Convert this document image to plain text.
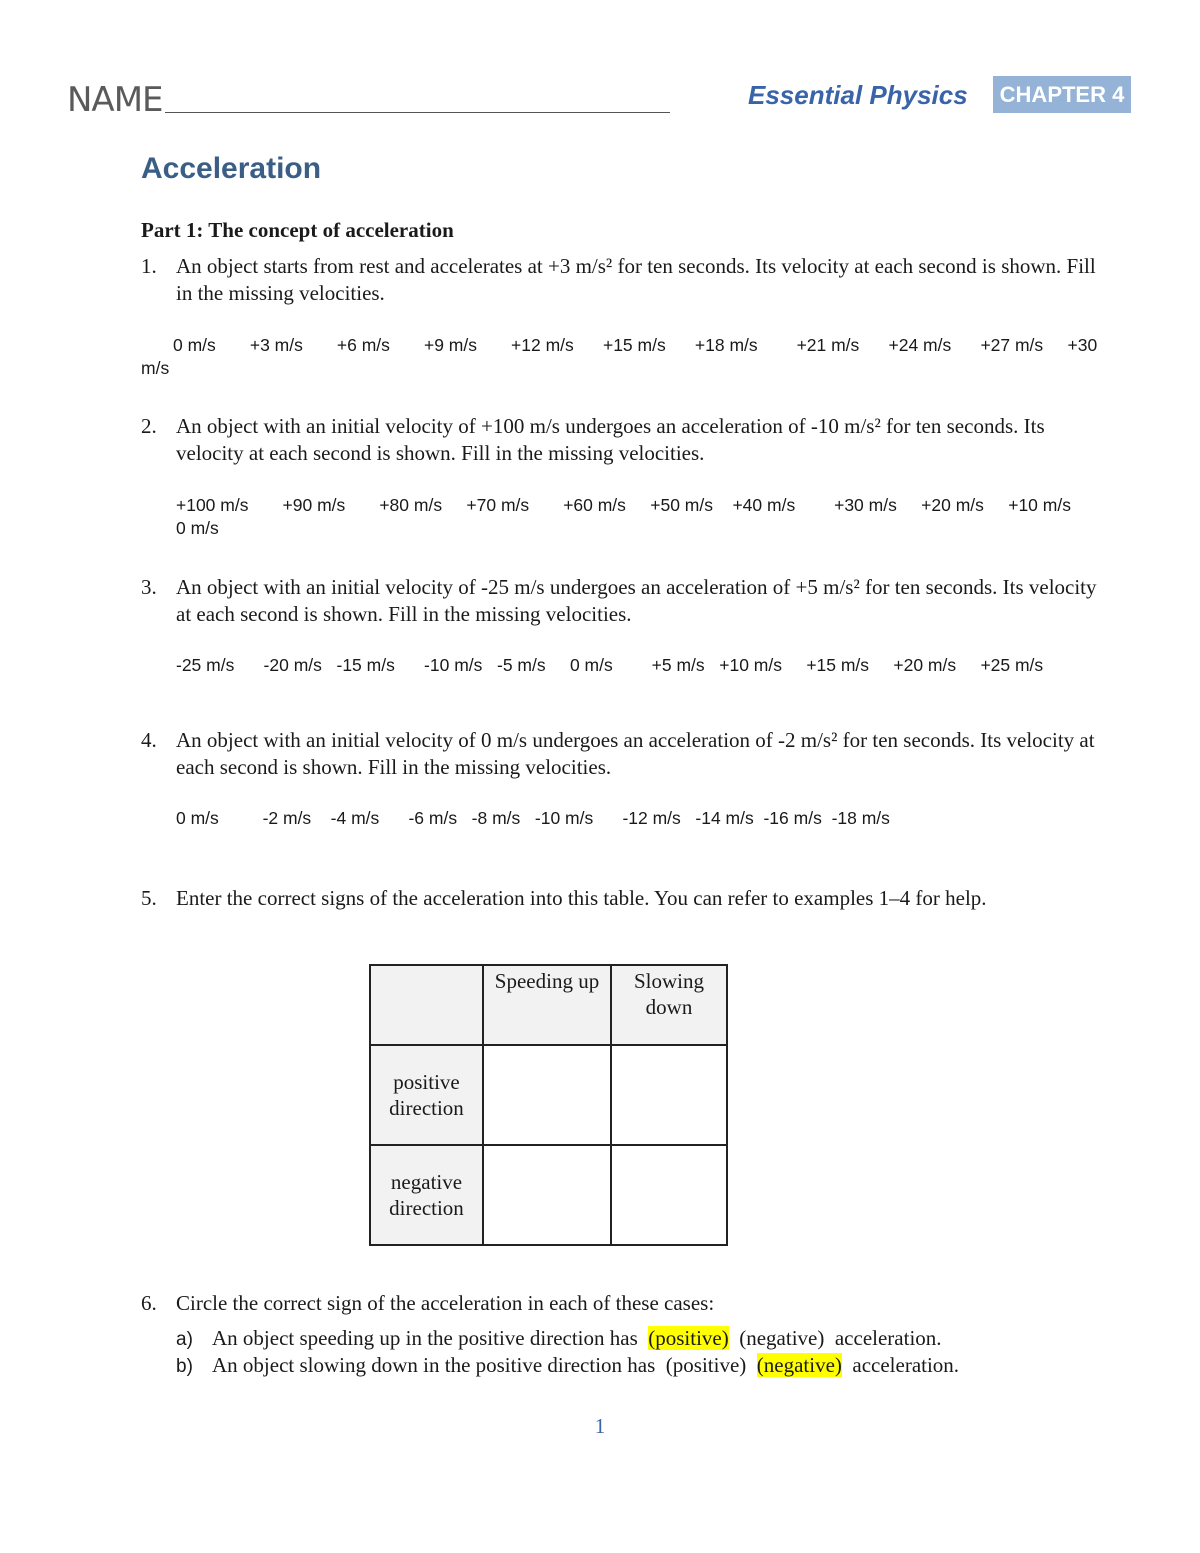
NAME	Essential Physics	CHAPTER 4
Acceleration
Part 1: The concept of acceleration
1. An object starts from rest and accelerates at +3 m/s² for ten seconds. Its velocity at each second is shown. Fill in the missing velocities.
0 m/s +3 m/s +6 m/s +9 m/s +12 m/s +15 m/s +18 m/s +21 m/s +24 m/s +27 m/s +30 m/s
2. An object with an initial velocity of +100 m/s undergoes an acceleration of -10 m/s² for ten seconds. Its velocity at each second is shown. Fill in the missing velocities.
+100 m/s +90 m/s +80 m/s +70 m/s +60 m/s +50 m/s +40 m/s +30 m/s +20 m/s +10 m/s
0 m/s
3. An object with an initial velocity of -25 m/s undergoes an acceleration of +5 m/s² for ten seconds. Its velocity at each second is shown. Fill in the missing velocities.
-25 m/s -20 m/s -15 m/s -10 m/s -5 m/s 0 m/s +5 m/s +10 m/s +15 m/s +20 m/s +25 m/s
4. An object with an initial velocity of 0 m/s undergoes an acceleration of -2 m/s² for ten seconds. Its velocity at each second is shown. Fill in the missing velocities.
0 m/s	-2 m/s -4 m/s -6 m/s -8 m/s -10 m/s -12 m/s -14 m/s -16 m/s -18 m/s
5. Enter the correct signs of the acceleration into this table. You can refer to examples 1–4 for help.
	Speeding up	Slowing down
positive direction		
negative direction		
6. Circle the correct sign of the acceleration in each of these cases:
a) An object speeding up in the positive direction has (positive) (negative) acceleration.
b) An object slowing down in the positive direction has (positive) (negative) acceleration.
1
